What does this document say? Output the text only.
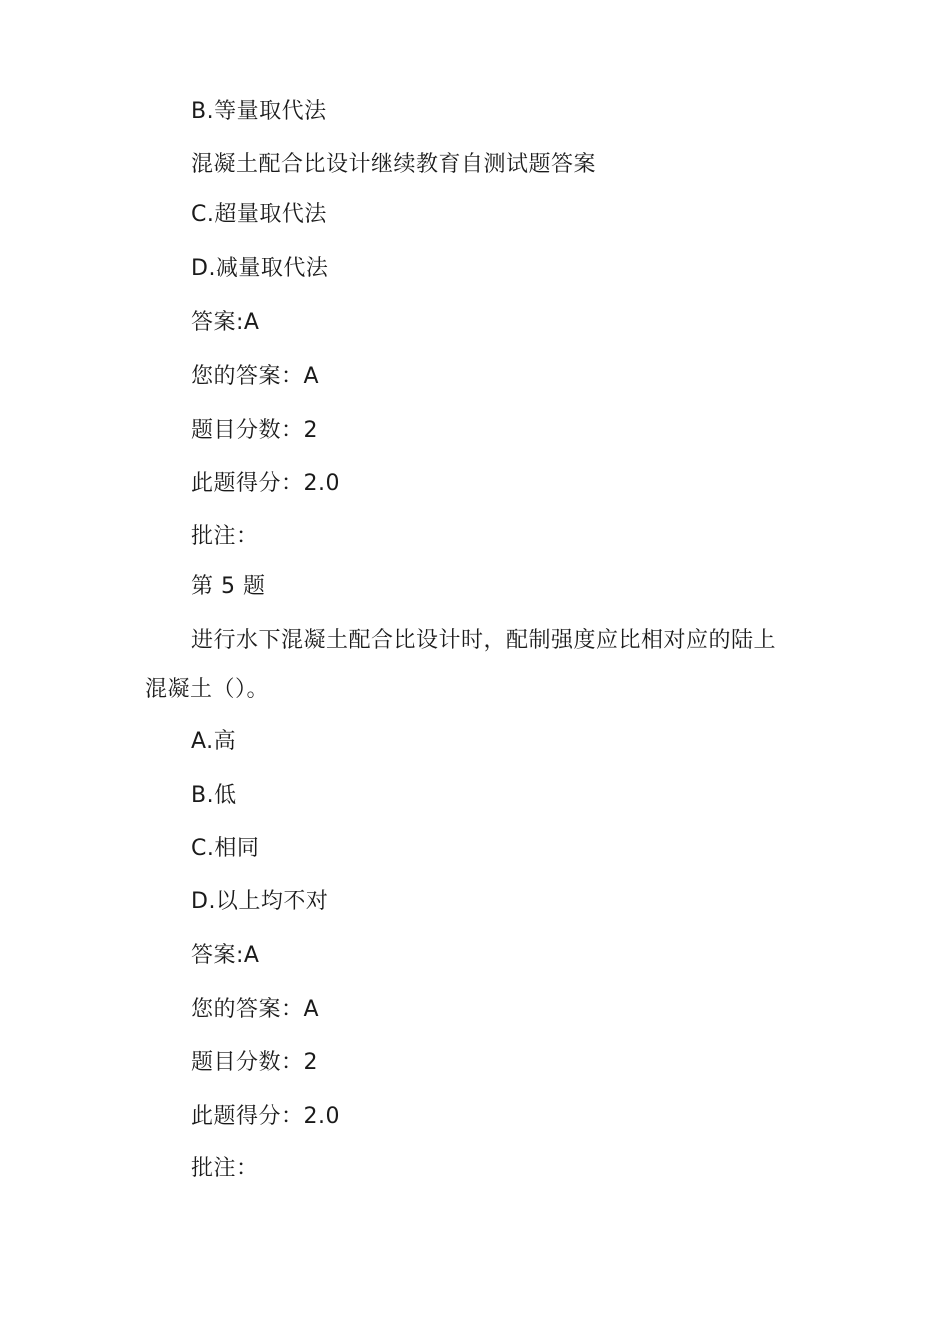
B.等量取代法
混凝土配合比设计继续教育自测试题答案
C.超量取代法
D.减量取代法
答案:A
您的答案：A
题目分数：2
此题得分：2.0
批注：
第 5 题
进行水下混凝土配合比设计时，配制强度应比相对应的陆上
混凝土（）。
A.高
B.低
C.相同
D.以上均不对
答案:A
您的答案：A
题目分数：2
此题得分：2.0
批注：
